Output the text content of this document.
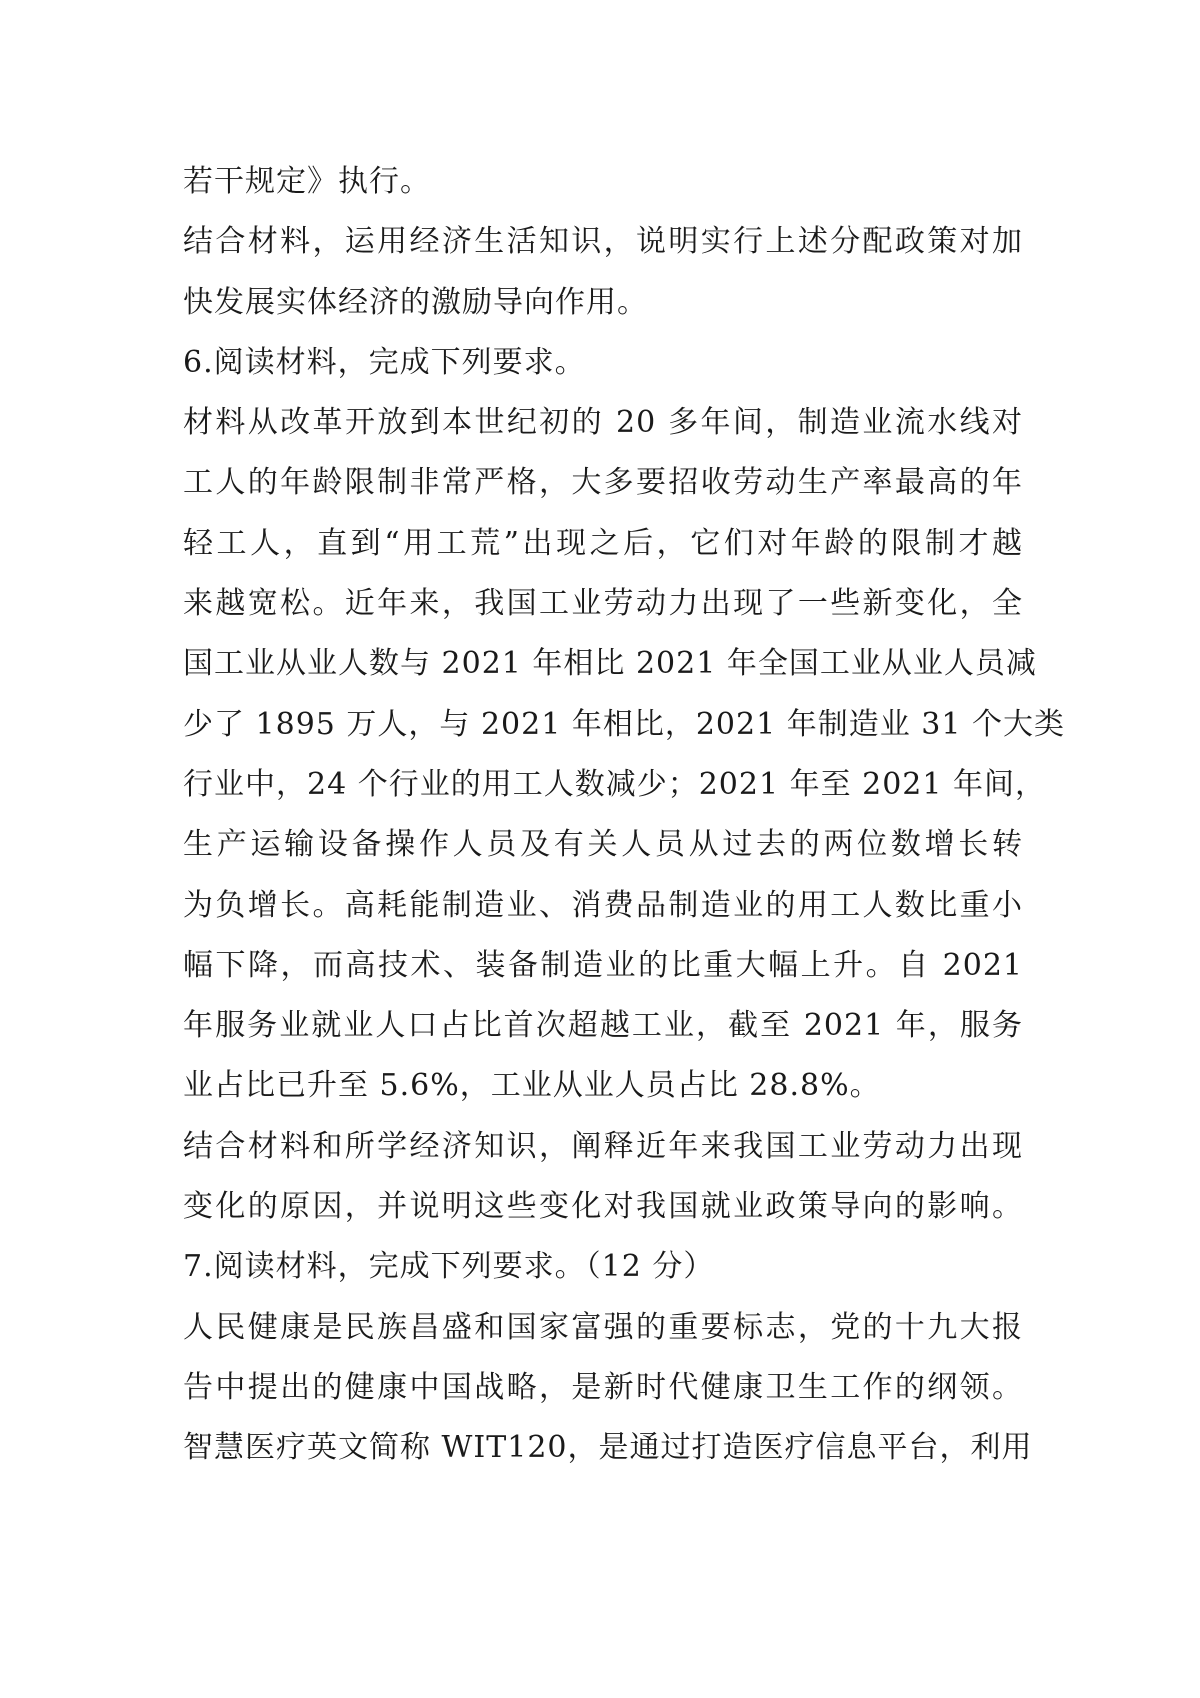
若干规定》执行。
结合材料，运用经济生活知识，说明实行上述分配政策对加
快发展实体经济的激励导向作用。
6.阅读材料，完成下列要求。
材料从改革开放到本世纪初的 20 多年间，制造业流水线对
工人的年龄限制非常严格，大多要招收劳动生产率最高的年
轻工人，直到“用工荒”出现之后，它们对年龄的限制才越
来越宽松。近年来，我国工业劳动力出现了一些新变化，全
国工业从业人数与 2021 年相比 2021 年全国工业从业人员减
少了 1895 万人，与 2021 年相比，2021 年制造业 31 个大类
行业中，24 个行业的用工人数减少；2021 年至 2021 年间，
生产运输设备操作人员及有关人员从过去的两位数增长转
为负增长。高耗能制造业、消费品制造业的用工人数比重小
幅下降，而高技术、装备制造业的比重大幅上升。自 2021
年服务业就业人口占比首次超越工业，截至 2021 年，服务
业占比已升至 5.6%，工业从业人员占比 28.8%。
结合材料和所学经济知识，阐释近年来我国工业劳动力出现
变化的原因，并说明这些变化对我国就业政策导向的影响。
7.阅读材料，完成下列要求。（12 分）
人民健康是民族昌盛和国家富强的重要标志，党的十九大报
告中提出的健康中国战略，是新时代健康卫生工作的纲领。
智慧医疗英文简称 WIT120，是通过打造医疗信息平台，利用
